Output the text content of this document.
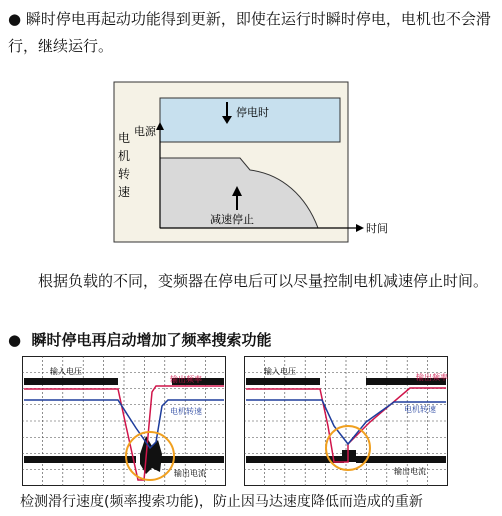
● 瞬时停电再起动功能得到更新，即使在运行时瞬时停电，电机也不会滑行，继续运行。

电源
停电时
电
机
转
速
减速停止
时间

根据负载的不同，变频器在停电后可以尽量控制电机减速停止时间。

● 瞬时停电再启动增加了频率搜索功能
输入电压
输出频率
电机转速
输出电流
输入电压
输出频率
电机转速
输出电流
检测滑行速度(频率搜索功能)，防止因马达速度降低而造成的重新
